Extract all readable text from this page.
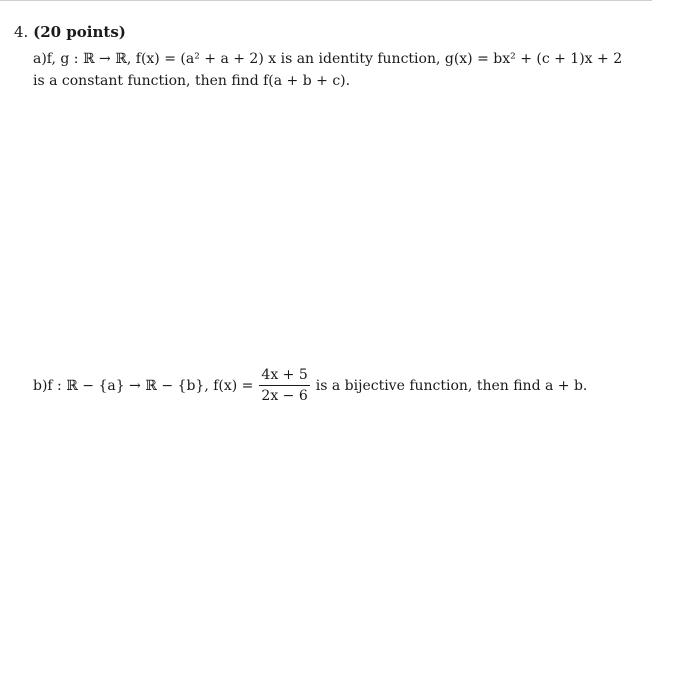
4. (20 points)
a)f, g : ℝ → ℝ, f(x) = (a² + a + 2) x is an identity function, g(x) = bx² + (c + 1)x + 2
is a constant function, then find f(a + b + c).
b)f : ℝ − {a} → ℝ − {b}, $f(x) = \frac{4x + 5}{2x - 6}$ is a bijective function, then find a + b.
